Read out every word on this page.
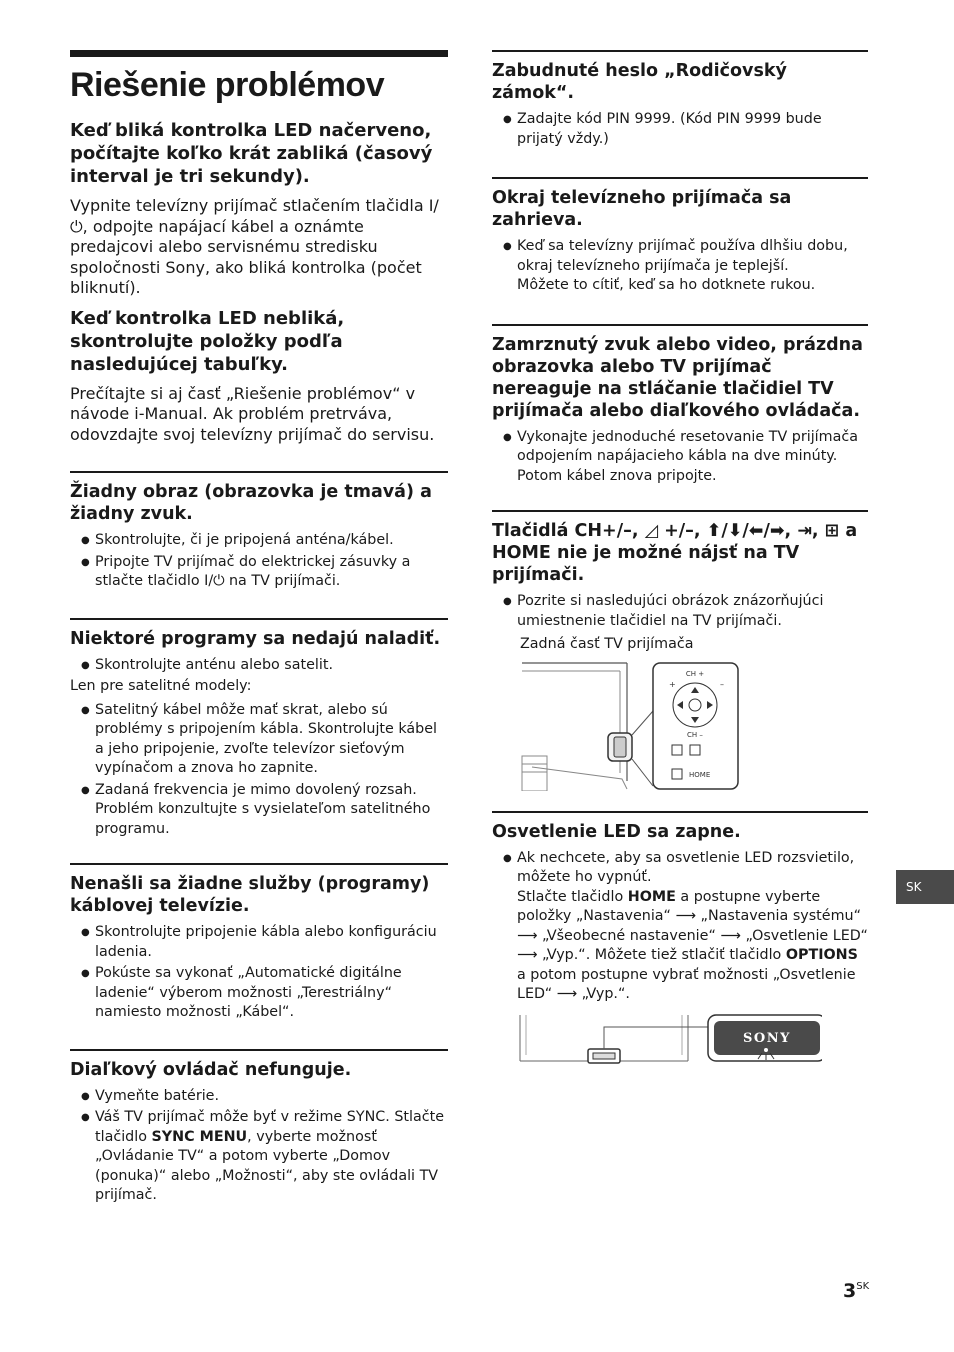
Riešenie problémov
Keď bliká kontrolka LED načerveno, počítajte koľko krát zabliká (časový interval je tri sekundy).

Vypnite televízny prijímač stlačením tlačidla I/⏻, odpojte napájací kábel a oznámte predajcovi alebo servisnému stredisku spoločnosti Sony, ako bliká kontrolka (počet bliknutí).

Keď kontrolka LED nebliká, skontrolujte položky podľa nasledujúcej tabuľky.

Prečítajte si aj časť „Riešenie problémov“ v návode i-Manual. Ak problém pretrváva, odovzdajte svoj televízny prijímač do servisu.

Žiadny obraz (obrazovka je tmavá) a žiadny zvuk.
● Skontrolujte, či je pripojená anténa/kábel.
● Pripojte TV prijímač do elektrickej zásuvky a stlačte tlačidlo I/⏻ na TV prijímači.
Niektoré programy sa nedajú naladiť.
● Skontrolujte anténu alebo satelit.

Len pre satelitné modely:

● Satelitný kábel môže mať skrat, alebo sú problémy s pripojením kábla. Skontrolujte kábel a jeho pripojenie, zvoľte televízor sieťovým vypínačom a znova ho zapnite.
● Zadaná frekvencia je mimo dovolený rozsah. Problém konzultujte s vysielateľom satelitného programu.
Nenašli sa žiadne služby (programy) káblovej televízie.
● Skontrolujte pripojenie kábla alebo konfiguráciu ladenia.
● Pokúste sa vykonať „Automatické digitálne ladenie“ výberom možnosti „Terestriálny“ namiesto možnosti „Kábel“.
Diaľkový ovládač nefunguje.
● Vymeňte batérie.
● Váš TV prijímač môže byť v režime SYNC. Stlačte tlačidlo SYNC MENU, vyberte možnosť „Ovládanie TV“ a potom vyberte „Domov (ponuka)“ alebo „Možnosti“, aby ste ovládali TV prijímač.
Zabudnuté heslo „Rodičovský zámok“.
● Zadajte kód PIN 9999. (Kód PIN 9999 bude prijatý vždy.)
Okraj televízneho prijímača sa zahrieva.
● Keď sa televízny prijímač používa dlhšiu dobu, okraj televízneho prijímača je teplejší.
Môžete to cítiť, keď sa ho dotknete rukou.
Zamrznutý zvuk alebo video, prázdna obrazovka alebo TV prijímač nereaguje na stláčanie tlačidiel TV prijímača alebo diaľkového ovládača.
● Vykonajte jednoduché resetovanie TV prijímača odpojením napájacieho kábla na dve minúty. Potom kábel znova pripojte.
Tlačidlá CH+/–, ◿ +/–, ⬆/⬇/⬅/➡, ⇥, ⊞ a HOME nie je možné nájsť na TV prijímači.
● Pozrite si nasledujúci obrázok znázorňujúci umiestnenie tlačidiel na TV prijímači.

Zadná časť TV prijímača

CH +
+	–
CH –
HOME
Osvetlenie LED sa zapne.
● Ak nechcete, aby sa osvetlenie LED rozsvietilo, môžete ho vypnúť.
Stlačte tlačidlo HOME a postupne vyberte položky „Nastavenia“ ⟶ „Nastavenia systému“ ⟶ „Všeobecné nastavenie“ ⟶ „Osvetlenie LED“ ⟶ „Vyp.“. Môžete tiež stlačiť tlačidlo OPTIONS a potom postupne vybrať možnosti „Osvetlenie LED“ ⟶ „Vyp.“.
SONY
SK
$3^{SK}$
